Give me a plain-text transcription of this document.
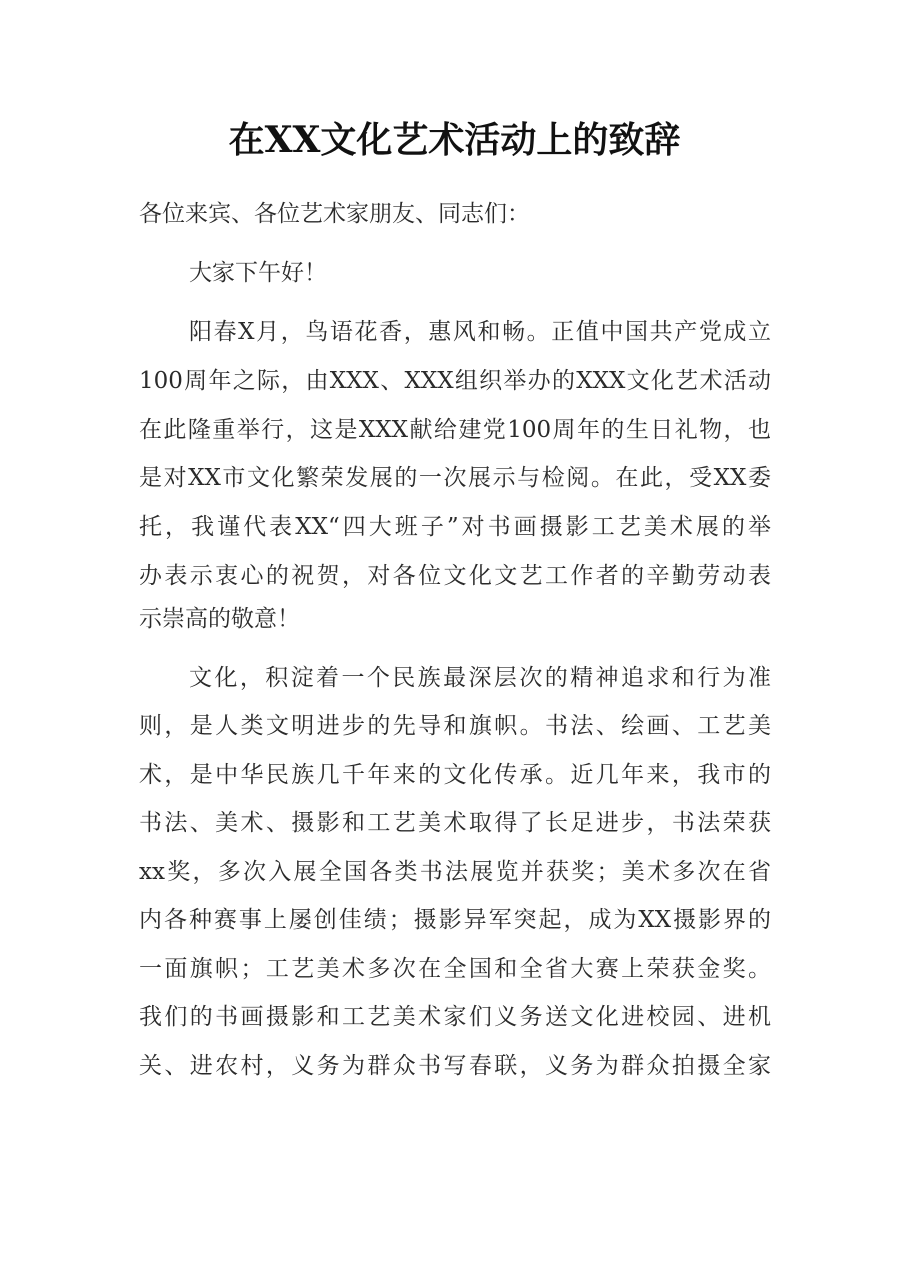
在XX文化艺术活动上的致辞
各位来宾、各位艺术家朋友、同志们：
大家下午好！
阳春X月，鸟语花香，惠风和畅。正值中国共产党成立
100周年之际，由XXX、XXX组织举办的XXX文化艺术活动
在此隆重举行，这是XXX献给建党100周年的生日礼物，也
是对XX市文化繁荣发展的一次展示与检阅。在此，受XX委
托，我谨代表XX“四大班子”对书画摄影工艺美术展的举
办表示衷心的祝贺，对各位文化文艺工作者的辛勤劳动表
示崇高的敬意！
文化，积淀着一个民族最深层次的精神追求和行为准
则，是人类文明进步的先导和旗帜。书法、绘画、工艺美
术，是中华民族几千年来的文化传承。近几年来，我市的
书法、美术、摄影和工艺美术取得了长足进步，书法荣获
xx奖，多次入展全国各类书法展览并获奖；美术多次在省
内各种赛事上屡创佳绩；摄影异军突起，成为XX摄影界的
一面旗帜；工艺美术多次在全国和全省大赛上荣获金奖。
我们的书画摄影和工艺美术家们义务送文化进校园、进机
关、进农村，义务为群众书写春联，义务为群众拍摄全家
